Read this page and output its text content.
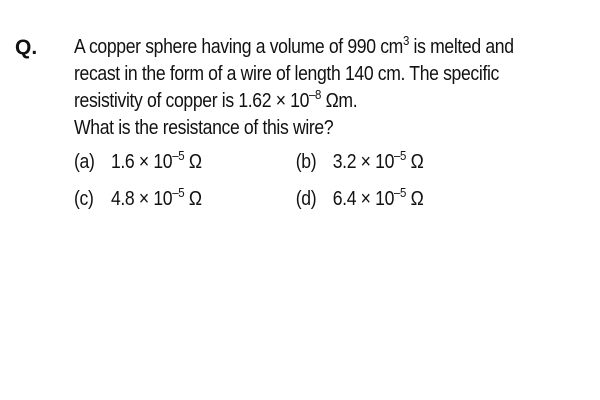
Q. A copper sphere having a volume of 990 $cm^3$ is melted and
recast in the form of a wire of length 140 cm. The specific
resistivity of copper is $1.62 \times 10^{-8}$ Ωm.
What is the resistance of this wire?
(a) $1.6 \times 10^{-5}$ Ω	(b) $3.2 \times 10^{-5}$ Ω
(c) $4.8 \times 10^{-5}$ Ω	(d) $6.4 \times 10^{-5}$ Ω
